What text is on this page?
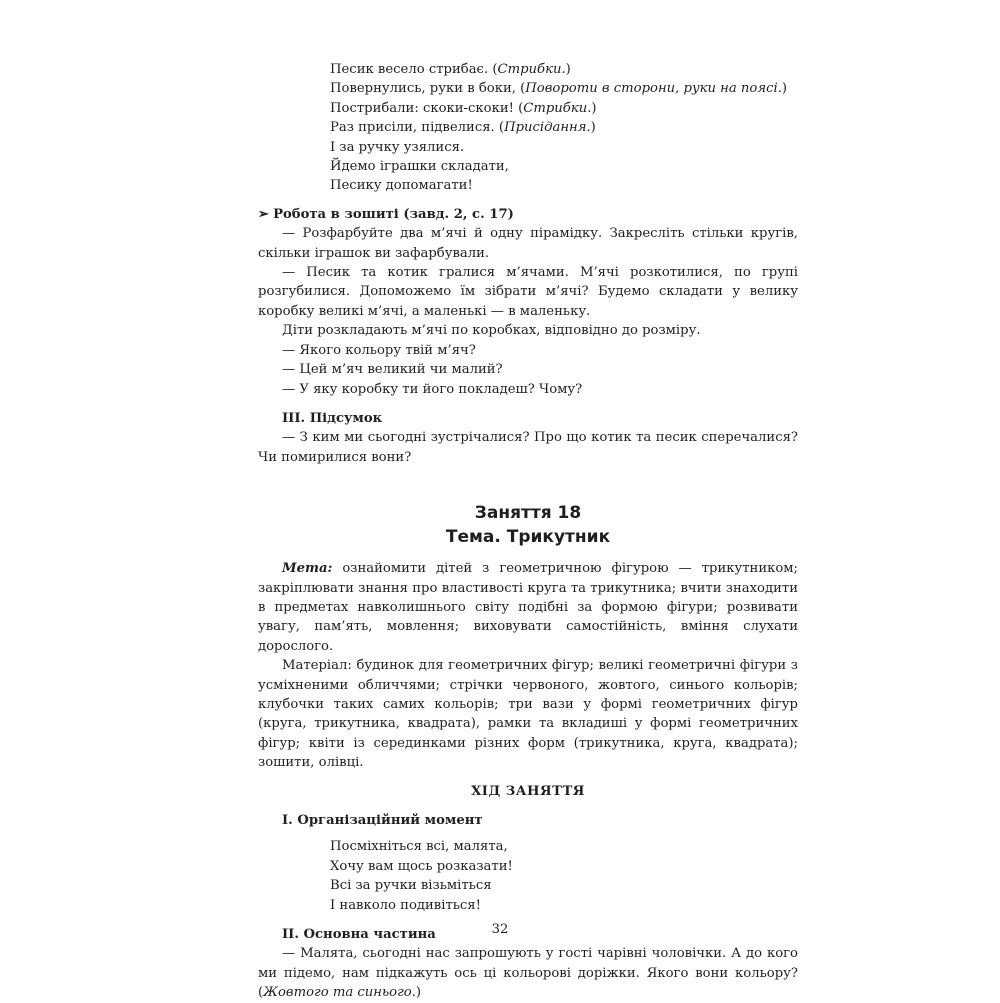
Песик весело стрибає. (Стрибки.)
Повернулись, руки в боки, (Повороти в сторони, руки на поясі.)
Пострибали: скоки-скоки! (Стрибки.)
Раз присіли, підвелися. (Присідання.)
І за ручку узялися.
Йдемо іграшки складати,
Песику допомагати!
➢ Робота в зошиті (завд. 2, с. 17)
— Розфарбуйте два м’ячі й одну пірамідку. Закресліть стільки кругів, скільки іграшок ви зафарбували.
— Песик та котик гралися м’ячами. М’ячі розкотилися, по групі розгубилися. Допоможемо їм зібрати м’ячі? Будемо складати у велику коробку великі м’ячі, а маленькі — в маленьку.
Діти розкладають м’ячі по коробках, відповідно до розміру.
— Якого кольору твій м’яч?
— Цей м’яч великий чи малий?
— У яку коробку ти його покладеш? Чому?
ІІІ. Підсумок
— З ким ми сьогодні зустрічалися? Про що котик та песик сперечалися? Чи помирилися вони?
Заняття 18
Тема. Трикутник
Мета: ознайомити дітей з геометричною фігурою — трикутником; закріплювати знання про властивості круга та трикутника; вчити знаходити в предметах навколишнього світу подібні за формою фігури; розвивати увагу, пам’ять, мовлення; виховувати самостійність, вміння слухати дорослого.
Матеріал: будинок для геометричних фігур; великі геометричні фігури з усміхненими обличчями; стрічки червоного, жовтого, синього кольорів; клубочки таких самих кольорів; три вази у формі геометричних фігур (круга, трикутника, квадрата), рамки та вкладиші у формі геометричних фігур; квіти із серединками різних форм (трикутника, круга, квадрата); зошити, олівці.
ХІД ЗАНЯТТЯ
І. Організаційний момент
Посміхніться всі, малята,
Хочу вам щось розказати!
Всі за ручки візьміться
І навколо подивіться!
ІІ. Основна частина
— Малята, сьогодні нас запрошують у гості чарівні чоловічки. А до кого ми підемо, нам підкажуть ось ці кольорові доріжки. Якого вони кольору? (Жовтого та синього.)
32
